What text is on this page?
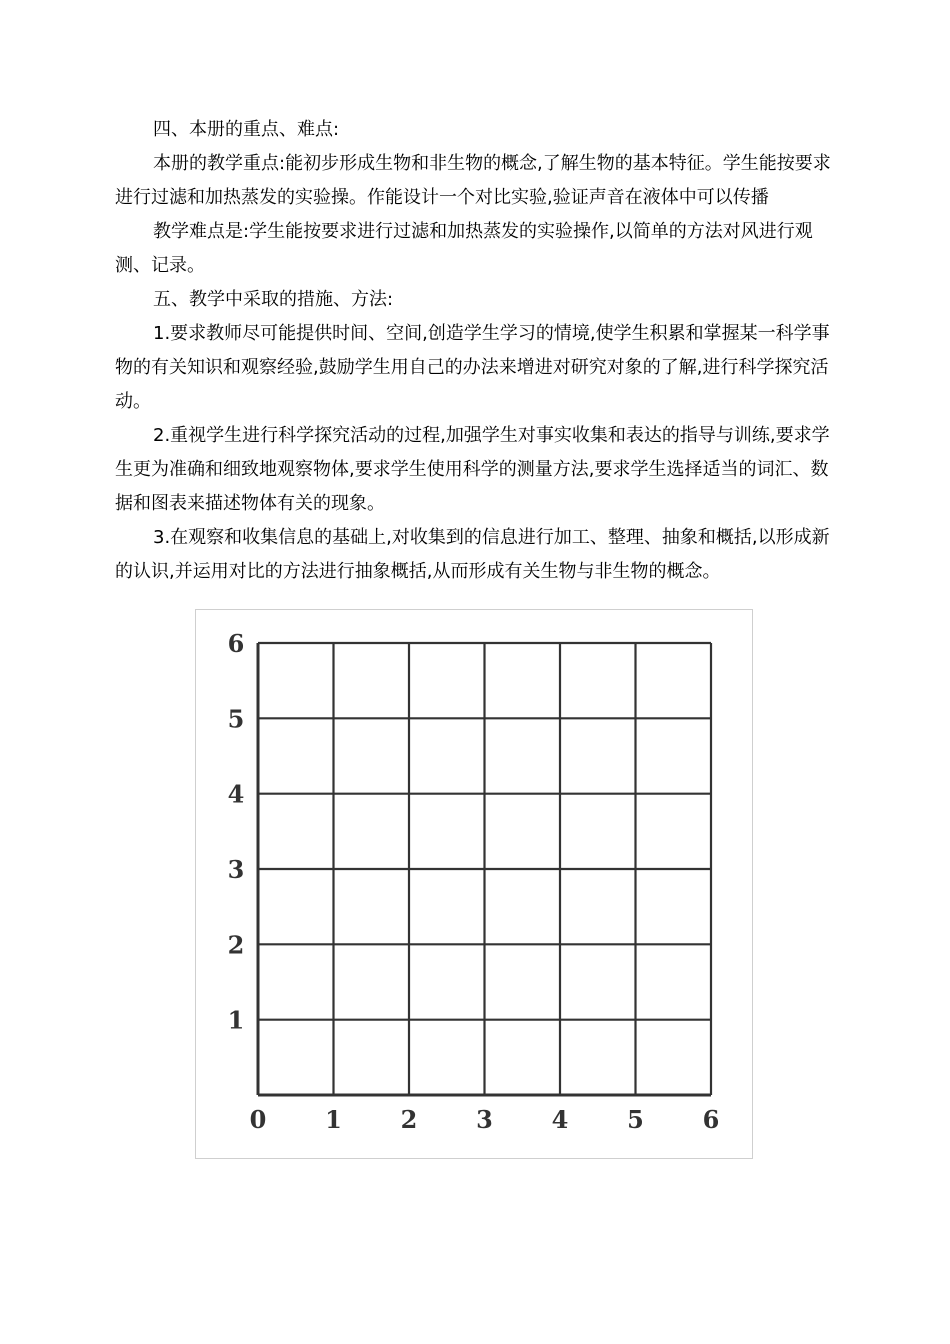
四、本册的重点、难点:

本册的教学重点:能初步形成生物和非生物的概念,了解生物的基本特征。学生能按要求进行过滤和加热蒸发的实验操。作能设计一个对比实验,验证声音在液体中可以传播

教学难点是:学生能按要求进行过滤和加热蒸发的实验操作,以简单的方法对风进行观测、记录。

五、教学中采取的措施、方法:

1.要求教师尽可能提供时间、空间,创造学生学习的情境,使学生积累和掌握某一科学事物的有关知识和观察经验,鼓励学生用自己的办法来增进对研究对象的了解,进行科学探究活动。

2.重视学生进行科学探究活动的过程,加强学生对事实收集和表达的指导与训练,要求学生更为准确和细致地观察物体,要求学生使用科学的测量方法,要求学生选择适当的词汇、数据和图表来描述物体有关的现象。

3.在观察和收集信息的基础上,对收集到的信息进行加工、整理、抽象和概括,以形成新的认识,并运用对比的方法进行抽象概括,从而形成有关生物与非生物的概念。

0 1 2 3 4 5 6
1
2
3
4
5
6
